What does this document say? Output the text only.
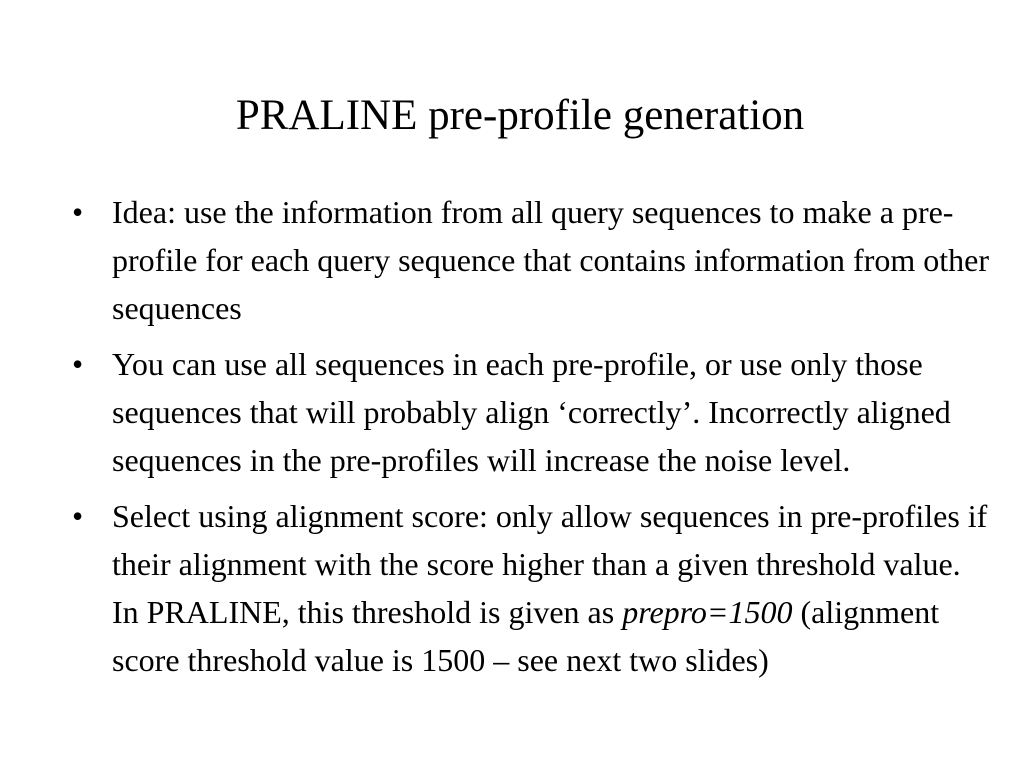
PRALINE pre-profile generation
• Idea: use the information from all query sequences to make a pre-profile for each query sequence that contains information from other sequences
• You can use all sequences in each pre-profile, or use only those sequences that will probably align ‘correctly’. Incorrectly aligned sequences in the pre-profiles will increase the noise level.
• Select using alignment score: only allow sequences in pre-profiles if their alignment with the score higher than a given threshold value. In PRALINE, this threshold is given as prepro=1500 (alignment score threshold value is 1500 – see next two slides)
